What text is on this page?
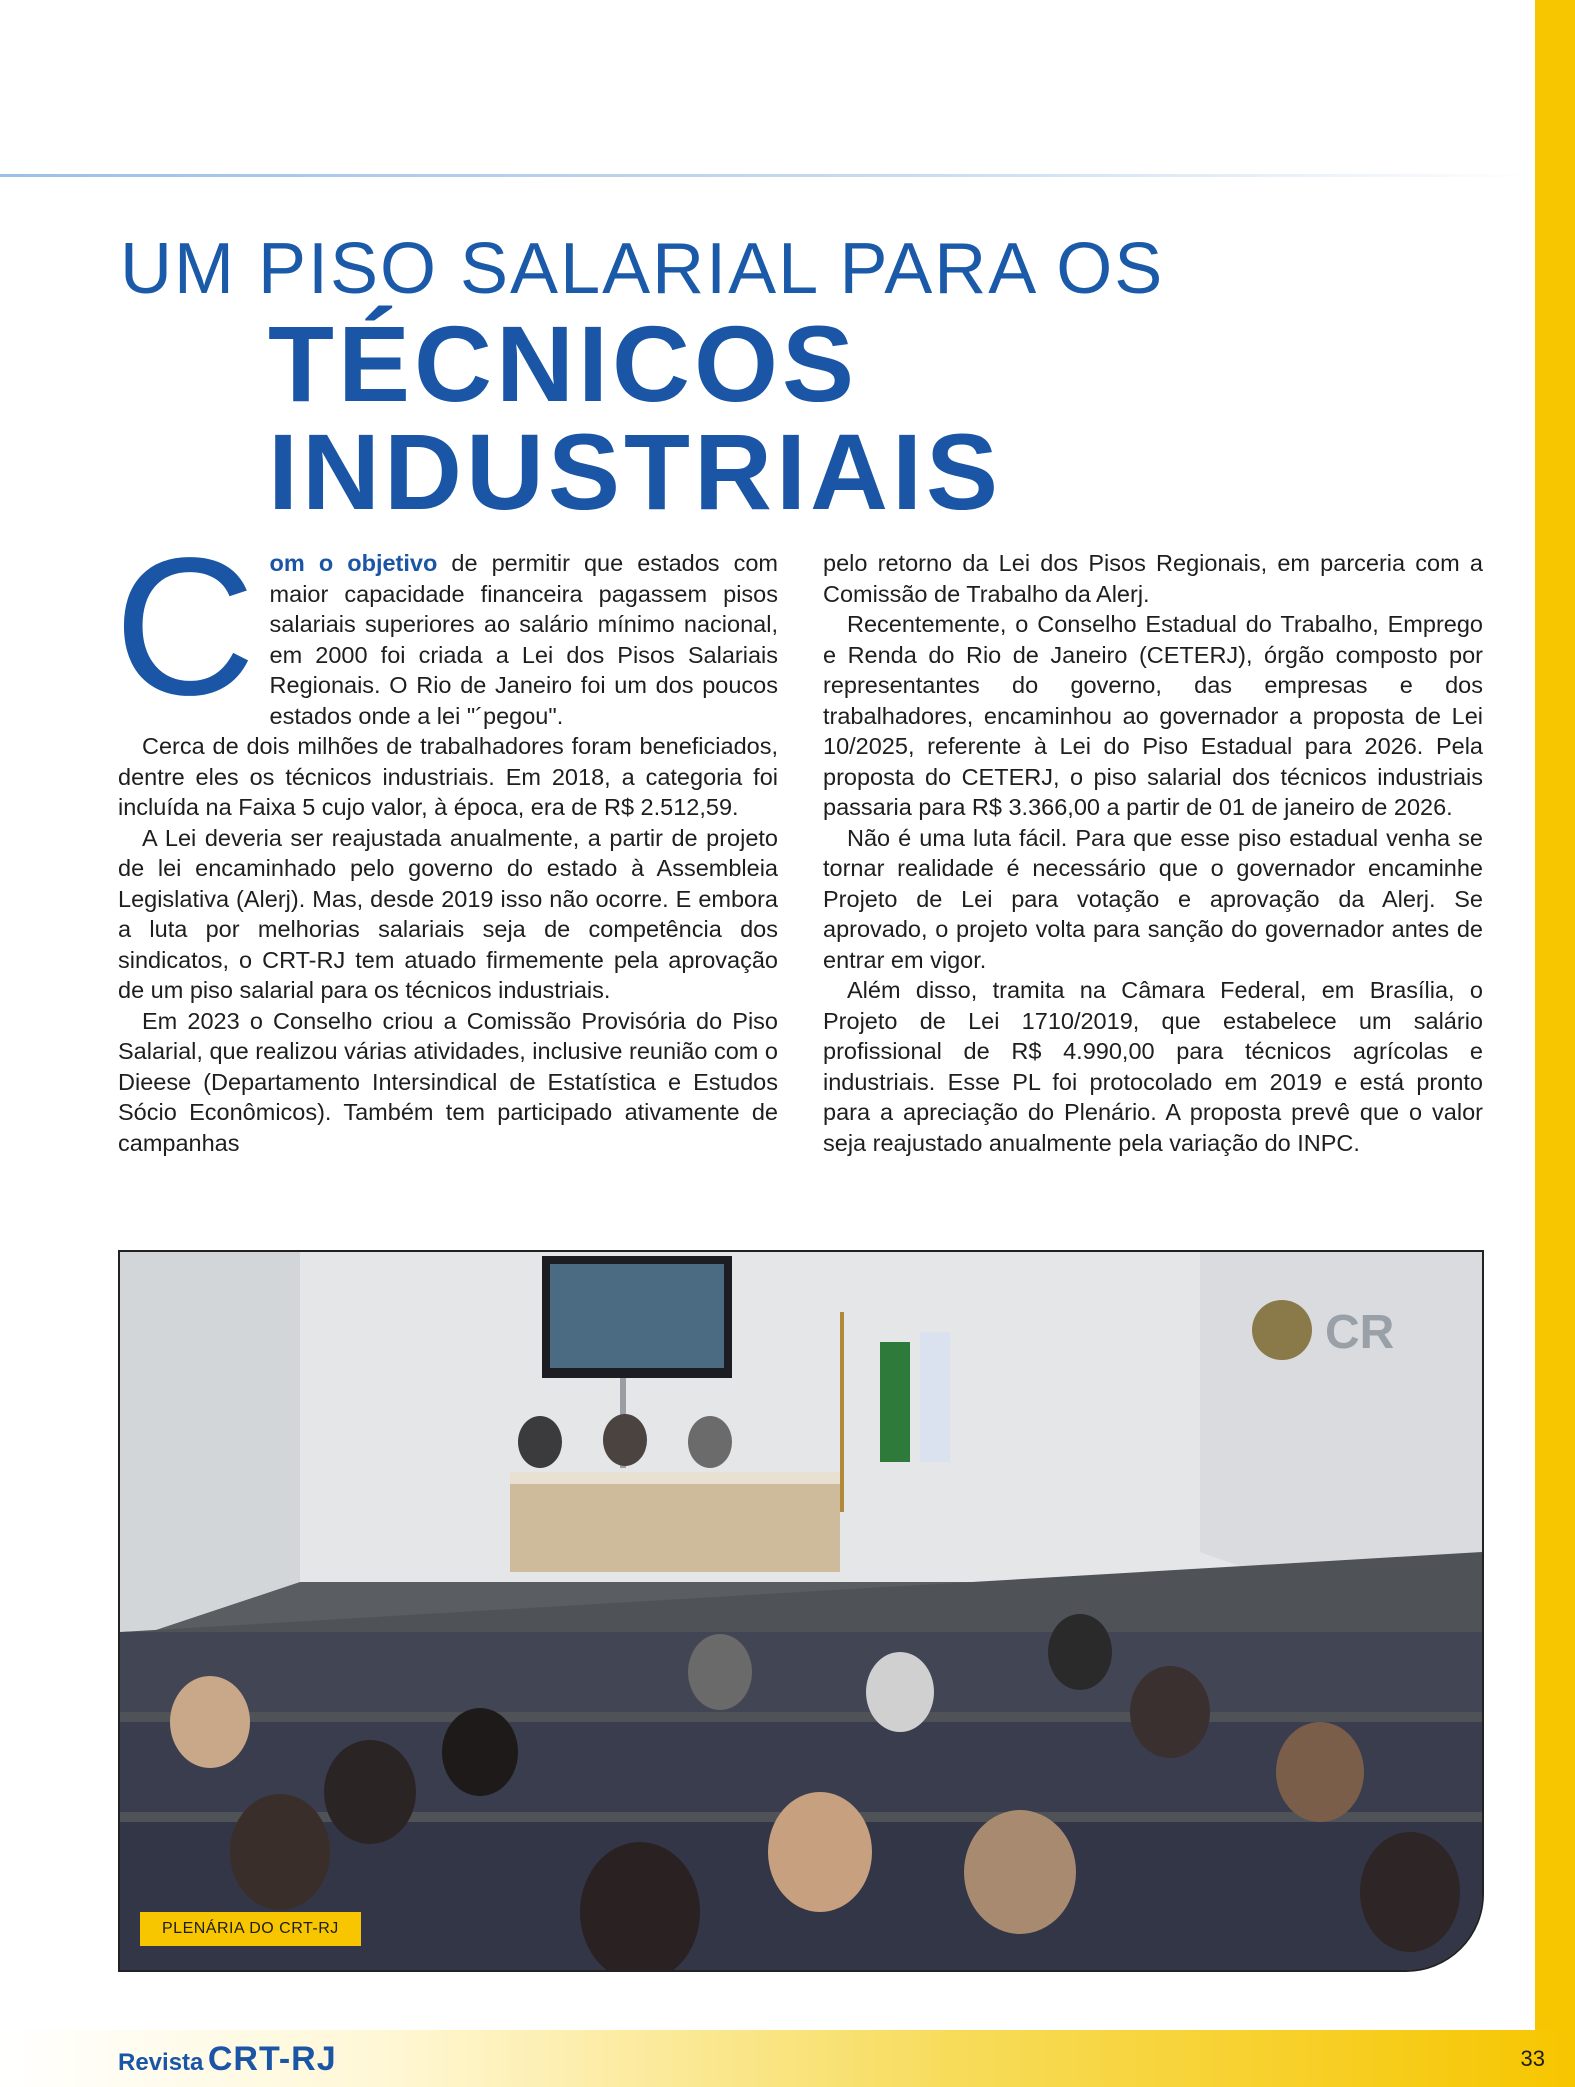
UM PISO SALARIAL PARA OS
TÉCNICOS
INDUSTRIAIS

Com o objetivo de permitir que estados com maior capacidade financeira pagassem pisos salariais superiores ao salário mínimo nacional, em 2000 foi criada a Lei dos Pisos Salariais Regionais. O Rio de Janeiro foi um dos poucos estados onde a lei "´pegou".

Cerca de dois milhões de trabalhadores foram beneficiados, dentre eles os técnicos industriais. Em 2018, a categoria foi incluída na Faixa 5 cujo valor, à época, era de R$ 2.512,59.

A Lei deveria ser reajustada anualmente, a partir de projeto de lei encaminhado pelo governo do estado à Assembleia Legislativa (Alerj). Mas, desde 2019 isso não ocorre. E embora a luta por melhorias salariais seja de competência dos sindicatos, o CRT-RJ tem atuado firmemente pela aprovação de um piso salarial para os técnicos industriais.

Em 2023 o Conselho criou a Comissão Provisória do Piso Salarial, que realizou várias atividades, inclusive reunião com o Dieese (Departamento Intersindical de Estatística e Estudos Sócio Econômicos). Também tem participado ativamente de campanhas

pelo retorno da Lei dos Pisos Regionais, em parceria com a Comissão de Trabalho da Alerj.

Recentemente, o Conselho Estadual do Trabalho, Emprego e Renda do Rio de Janeiro (CETERJ), órgão composto por representantes do governo, das empresas e dos trabalhadores, encaminhou ao governador a proposta de Lei 10/2025, referente à Lei do Piso Estadual para 2026. Pela proposta do CETERJ, o piso salarial dos técnicos industriais passaria para R$ 3.366,00 a partir de 01 de janeiro de 2026.

Não é uma luta fácil. Para que esse piso estadual venha se tornar realidade é necessário que o governador encaminhe Projeto de Lei para votação e aprovação da Alerj. Se aprovado, o projeto volta para sanção do governador antes de entrar em vigor.

Além disso, tramita na Câmara Federal, em Brasília, o Projeto de Lei 1710/2019, que estabelece um salário profissional de R$ 4.990,00 para técnicos agrícolas e industriais. Esse PL foi protocolado em 2019 e está pronto para a apreciação do Plenário. A proposta prevê que o valor seja reajustado anualmente pela variação do INPC.

CR
PLENÁRIA DO CRT-RJ
Revista CRT-RJ	33
